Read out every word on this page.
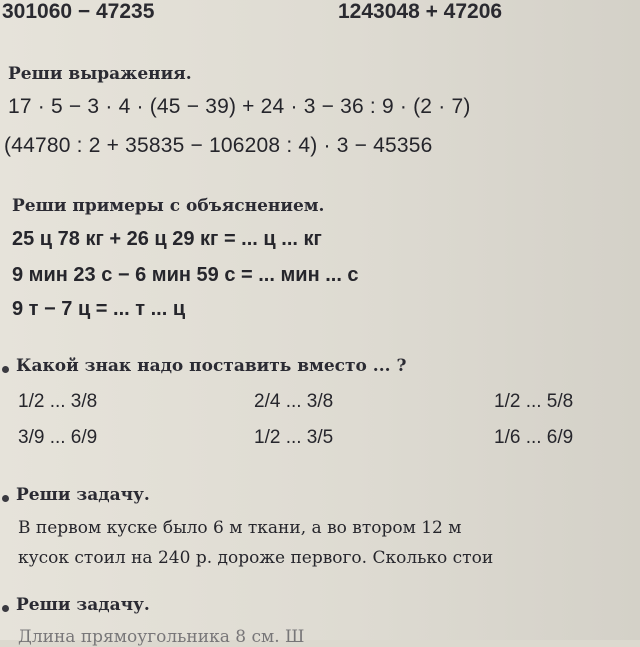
301060 − 47235	1243048 + 47206
Реши выражения.
17 · 5 − 3 · 4 · (45 − 39) + 24 · 3 − 36 : 9 · (2 · 7)
(44780 : 2 + 35835 − 106208 : 4) · 3 − 45356
Реши примеры с объяснением.
25 ц 78 кг + 26 ц 29 кг = ... ц ... кг
9 мин 23 с − 6 мин 59 с = ... мин ... с
9 т − 7 ц = ... т ... ц
Какой знак надо поставить вместо ... ?
1/2 ... 3/8	2/4 ... 3/8	1/2 ... 5/8
3/9 ... 6/9	1/2 ... 3/5	1/6 ... 6/9
Реши задачу.
В первом куске было 6 м ткани, а во втором 12 м
кусок стоил на 240 р. дороже первого. Сколько стои
Реши задачу.
Длина прямоугольника 8 см. Ш
